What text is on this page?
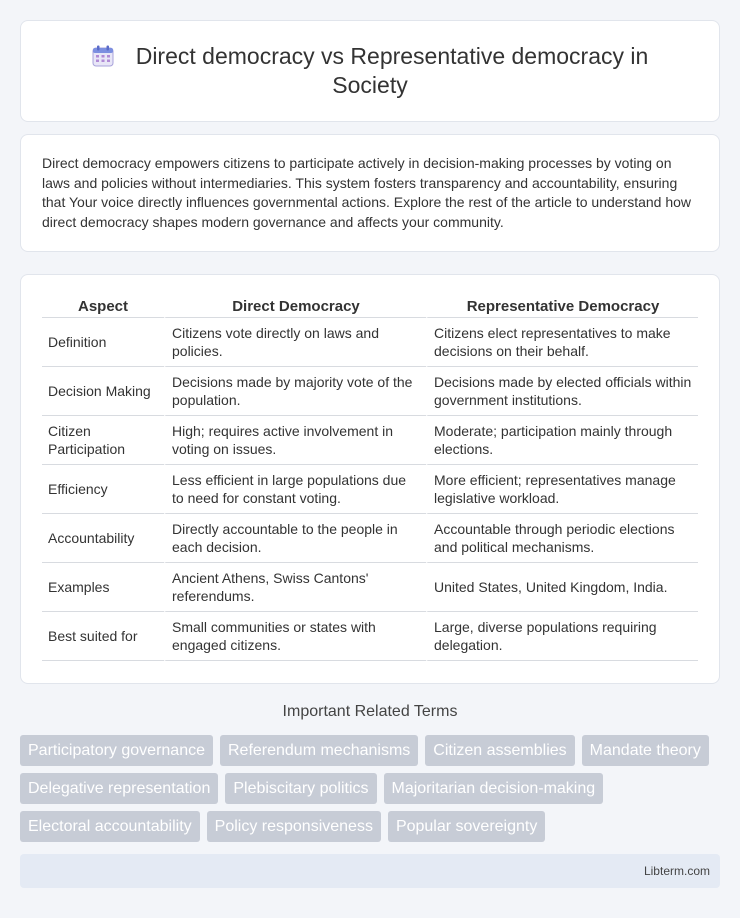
Direct democracy vs Representative democracy in Society

Direct democracy empowers citizens to participate actively in decision-making processes by voting on laws and policies without intermediaries. This system fosters transparency and accountability, ensuring that Your voice directly influences governmental actions. Explore the rest of the article to understand how direct democracy shapes modern governance and affects your community.

Aspect	Direct Democracy	Representative Democracy
Definition	Citizens vote directly on laws and policies.	Citizens elect representatives to make decisions on their behalf.
Decision Making	Decisions made by majority vote of the population.	Decisions made by elected officials within government institutions.
Citizen Participation	High; requires active involvement in voting on issues.	Moderate; participation mainly through elections.
Efficiency	Less efficient in large populations due to need for constant voting.	More efficient; representatives manage legislative workload.
Accountability	Directly accountable to the people in each decision.	Accountable through periodic elections and political mechanisms.
Examples	Ancient Athens, Swiss Cantons' referendums.	United States, United Kingdom, India.
Best suited for	Small communities or states with engaged citizens.	Large, diverse populations requiring delegation.
Important Related Terms
Participatory governance	Referendum mechanisms	Citizen assemblies	Mandate theory
Delegative representation	Plebiscitary politics	Majoritarian decision-making
Electoral accountability	Policy responsiveness	Popular sovereignty
Libterm.com
